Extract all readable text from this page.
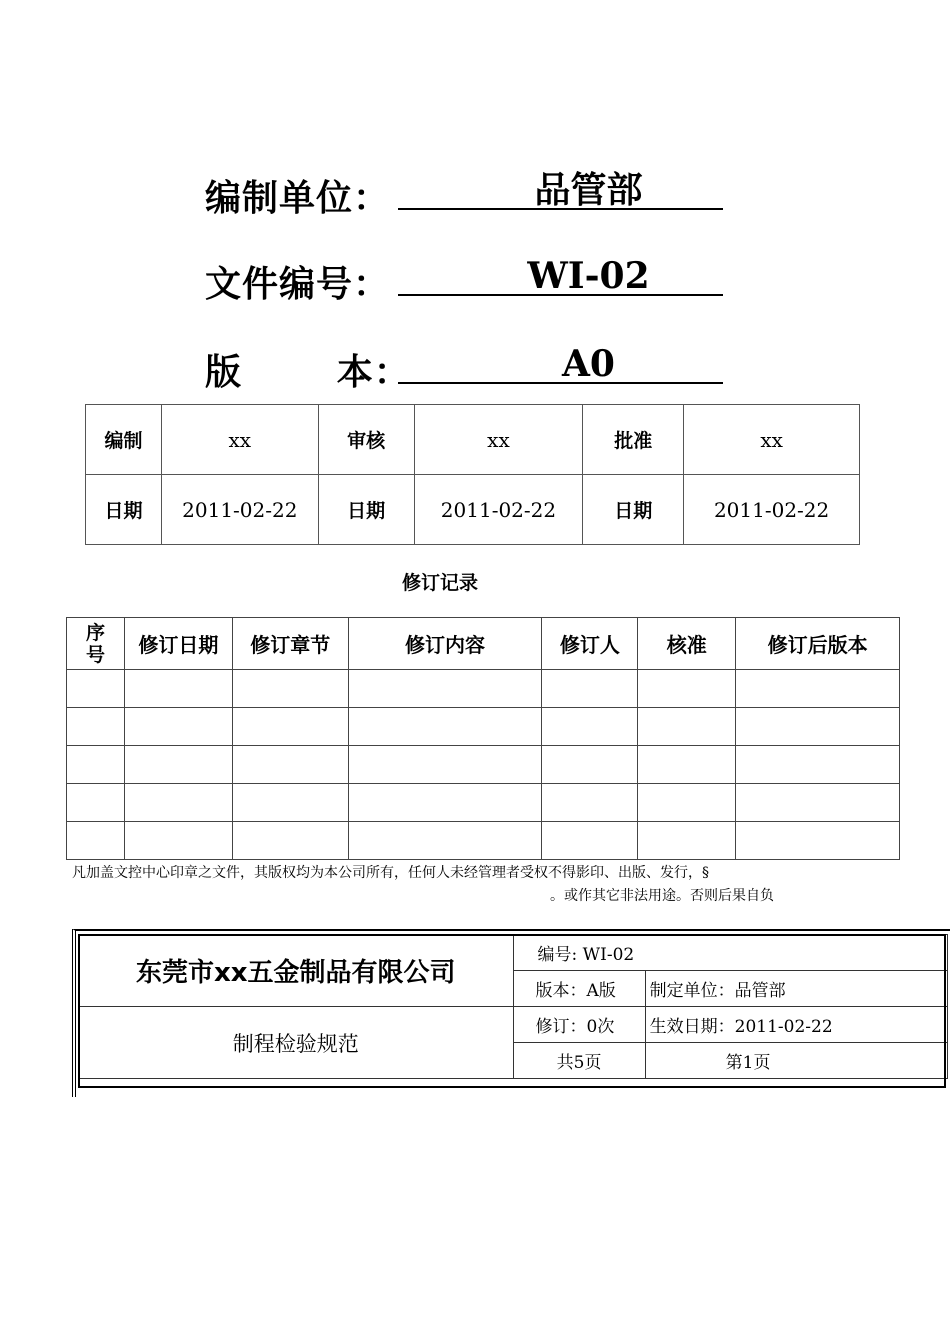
编制单位：	品管部
文件编号：	WI-02
版       本：	A0
编制	xx	审核	xx	批准	xx
日期	2011-02-22	日期	2011-02-22	日期	2011-02-22
修订记录
序
号	修订日期	修订章节	修订内容	修订人	核准	修订后版本

凡加盖文控中心印章之文件，其版权均为本公司所有，任何人未经管理者受权不得影印、出版、发行，§
。或作其它非法用途。否则后果自负
东莞市xx五金制品有限公司	编号: WI-02	
	版本：A版	制定单位：品管部
制程检验规范	修订：0次	生效日期：2011-02-22
	共5页	第1页
